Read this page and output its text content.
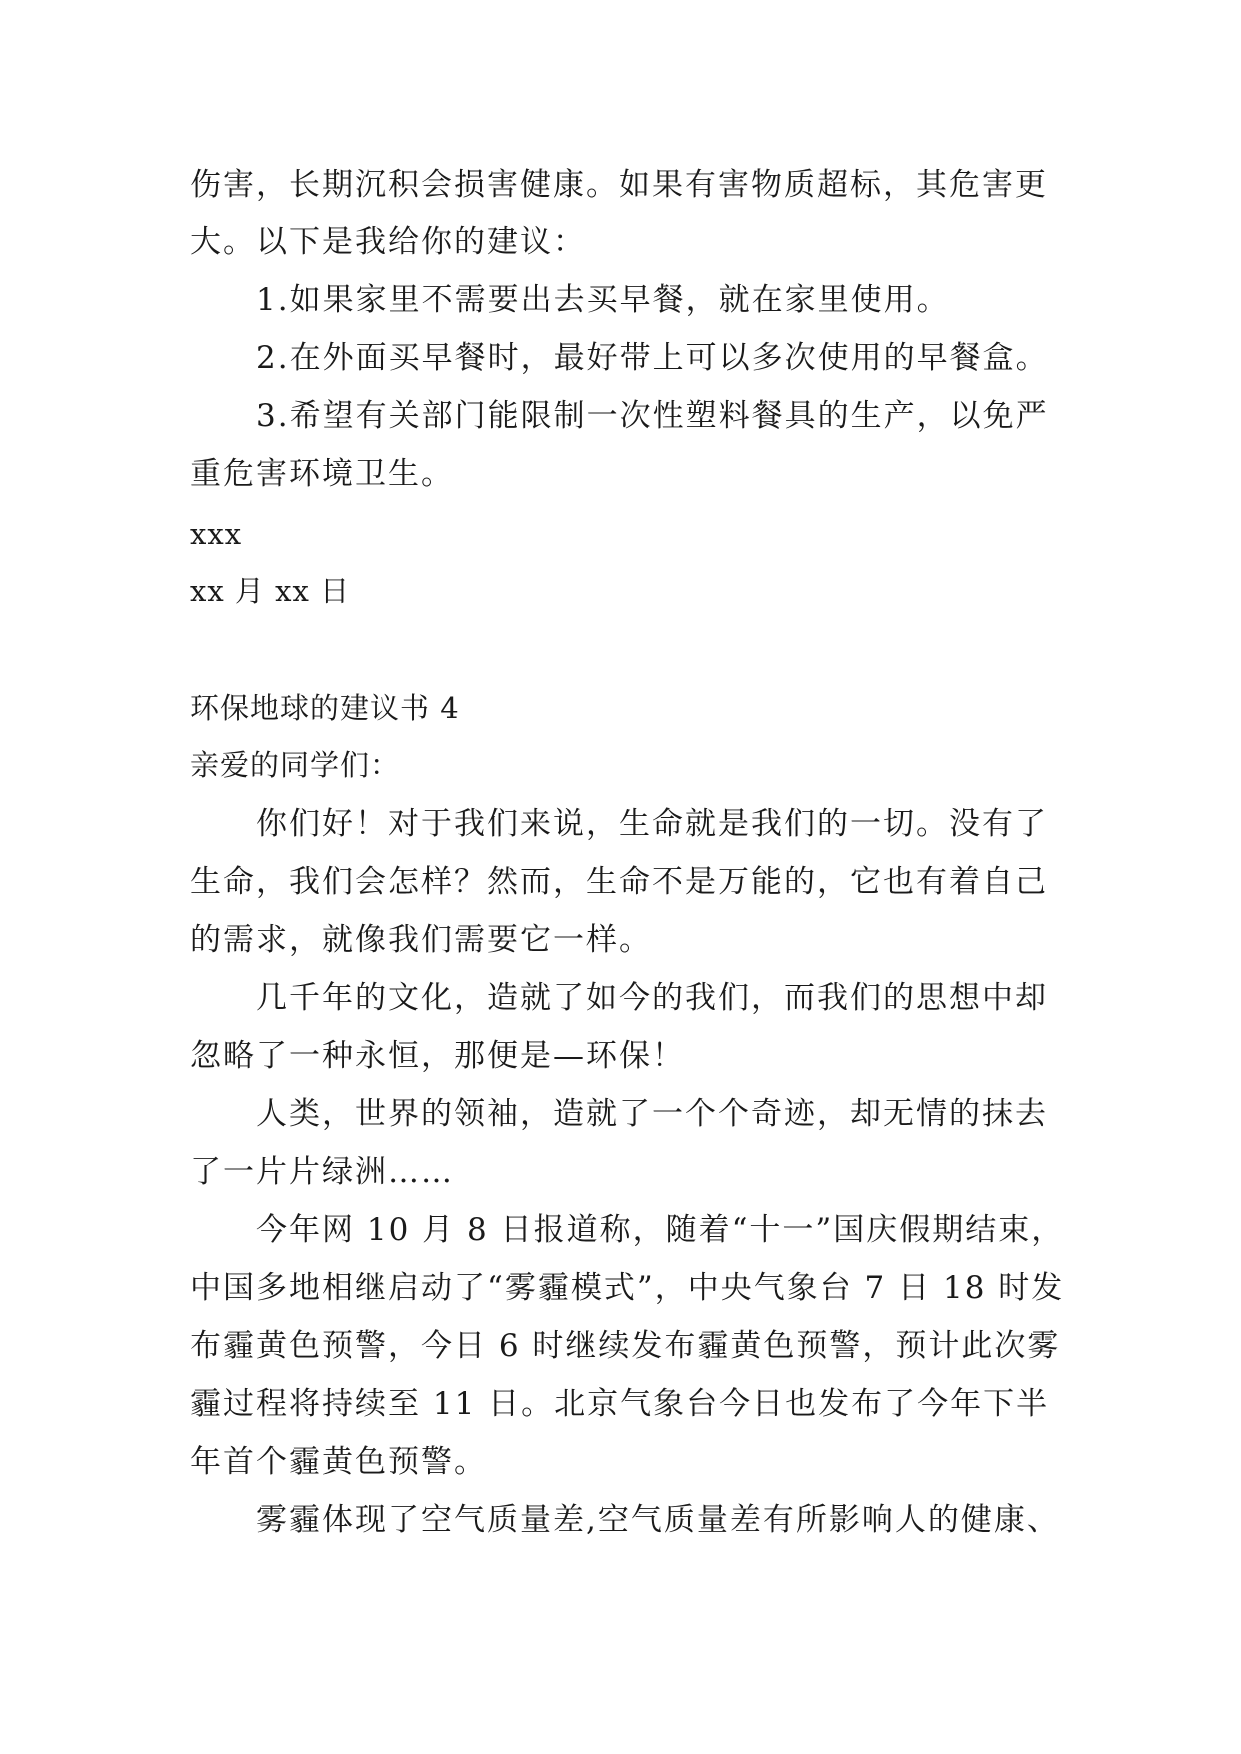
伤害，长期沉积会损害健康。如果有害物质超标，其危害更
大。以下是我给你的建议：
1.如果家里不需要出去买早餐，就在家里使用。
2.在外面买早餐时，最好带上可以多次使用的早餐盒。
3.希望有关部门能限制一次性塑料餐具的生产，以免严
重危害环境卫生。
xxx
xx 月 xx 日
环保地球的建议书 4
亲爱的同学们：
你们好！对于我们来说，生命就是我们的一切。没有了
生命，我们会怎样？然而，生命不是万能的，它也有着自己
的需求，就像我们需要它一样。
几千年的文化，造就了如今的我们，而我们的思想中却
忽略了一种永恒，那便是—环保！
人类，世界的领袖，造就了一个个奇迹，却无情的抹去
了一片片绿洲……
今年网 10 月 8 日报道称，随着“十一”国庆假期结束，
中国多地相继启动了“雾霾模式”，中央气象台 7 日 18 时发
布霾黄色预警，今日 6 时继续发布霾黄色预警，预计此次雾
霾过程将持续至 11 日。北京气象台今日也发布了今年下半
年首个霾黄色预警。
雾霾体现了空气质量差,空气质量差有所影响人的健康、
